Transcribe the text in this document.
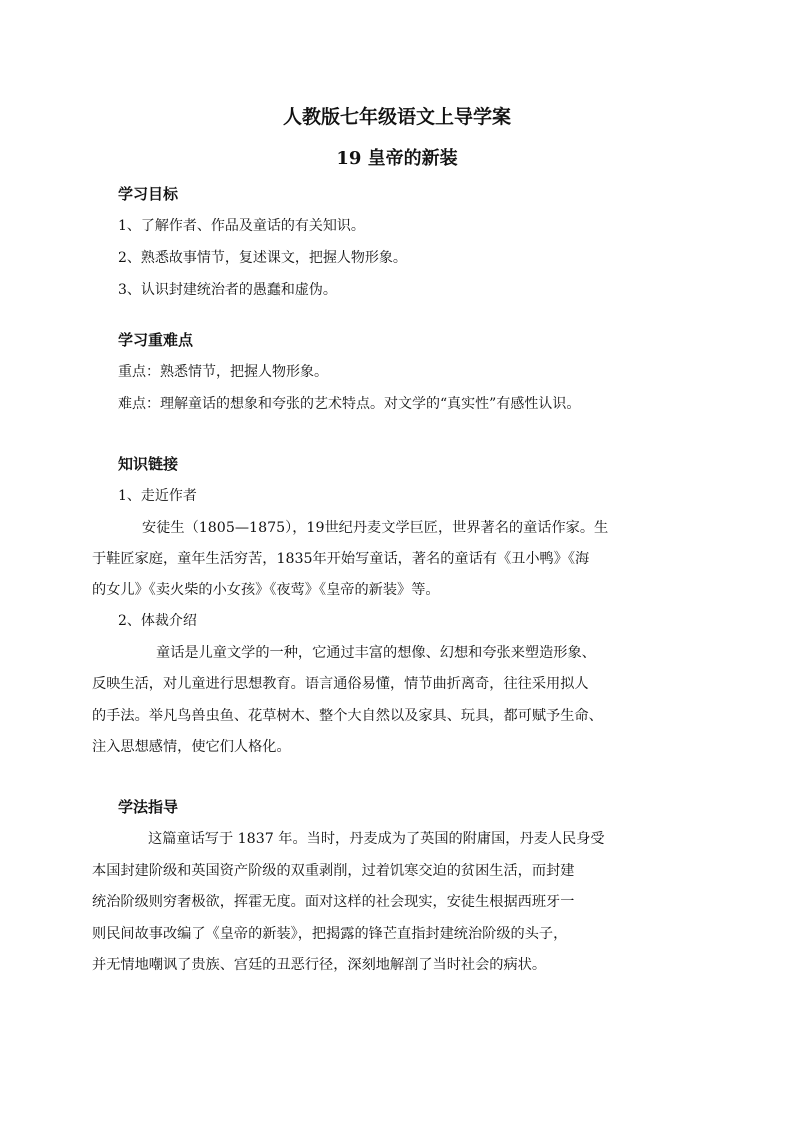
人教版七年级语文上导学案
19 皇帝的新装
学习目标
1、了解作者、作品及童话的有关知识。
2、熟悉故事情节，复述课文，把握人物形象。
3、认识封建统治者的愚蠢和虚伪。
学习重难点
重点：熟悉情节，把握人物形象。
难点：理解童话的想象和夸张的艺术特点。对文学的“真实性”有感性认识。
知识链接
1、走近作者
安徒生（1805—1875），19世纪丹麦文学巨匠，世界著名的童话作家。生
于鞋匠家庭，童年生活穷苦，1835年开始写童话，著名的童话有《丑小鸭》《海
的女儿》《卖火柴的小女孩》《夜莺》《皇帝的新装》等。
2、体裁介绍
童话是儿童文学的一种，它通过丰富的想像、幻想和夸张来塑造形象、
反映生活，对儿童进行思想教育。语言通俗易懂，情节曲折离奇，往往采用拟人
的手法。举凡鸟兽虫鱼、花草树木、整个大自然以及家具、玩具，都可赋予生命、
注入思想感情，使它们人格化。
学法指导
这篇童话写于 1837 年。当时，丹麦成为了英国的附庸国，丹麦人民身受
本国封建阶级和英国资产阶级的双重剥削，过着饥寒交迫的贫困生活，而封建
统治阶级则穷奢极欲，挥霍无度。面对这样的社会现实，安徒生根据西班牙一
则民间故事改编了《皇帝的新装》，把揭露的锋芒直指封建统治阶级的头子，
并无情地嘲讽了贵族、宫廷的丑恶行径，深刻地解剖了当时社会的病状。
